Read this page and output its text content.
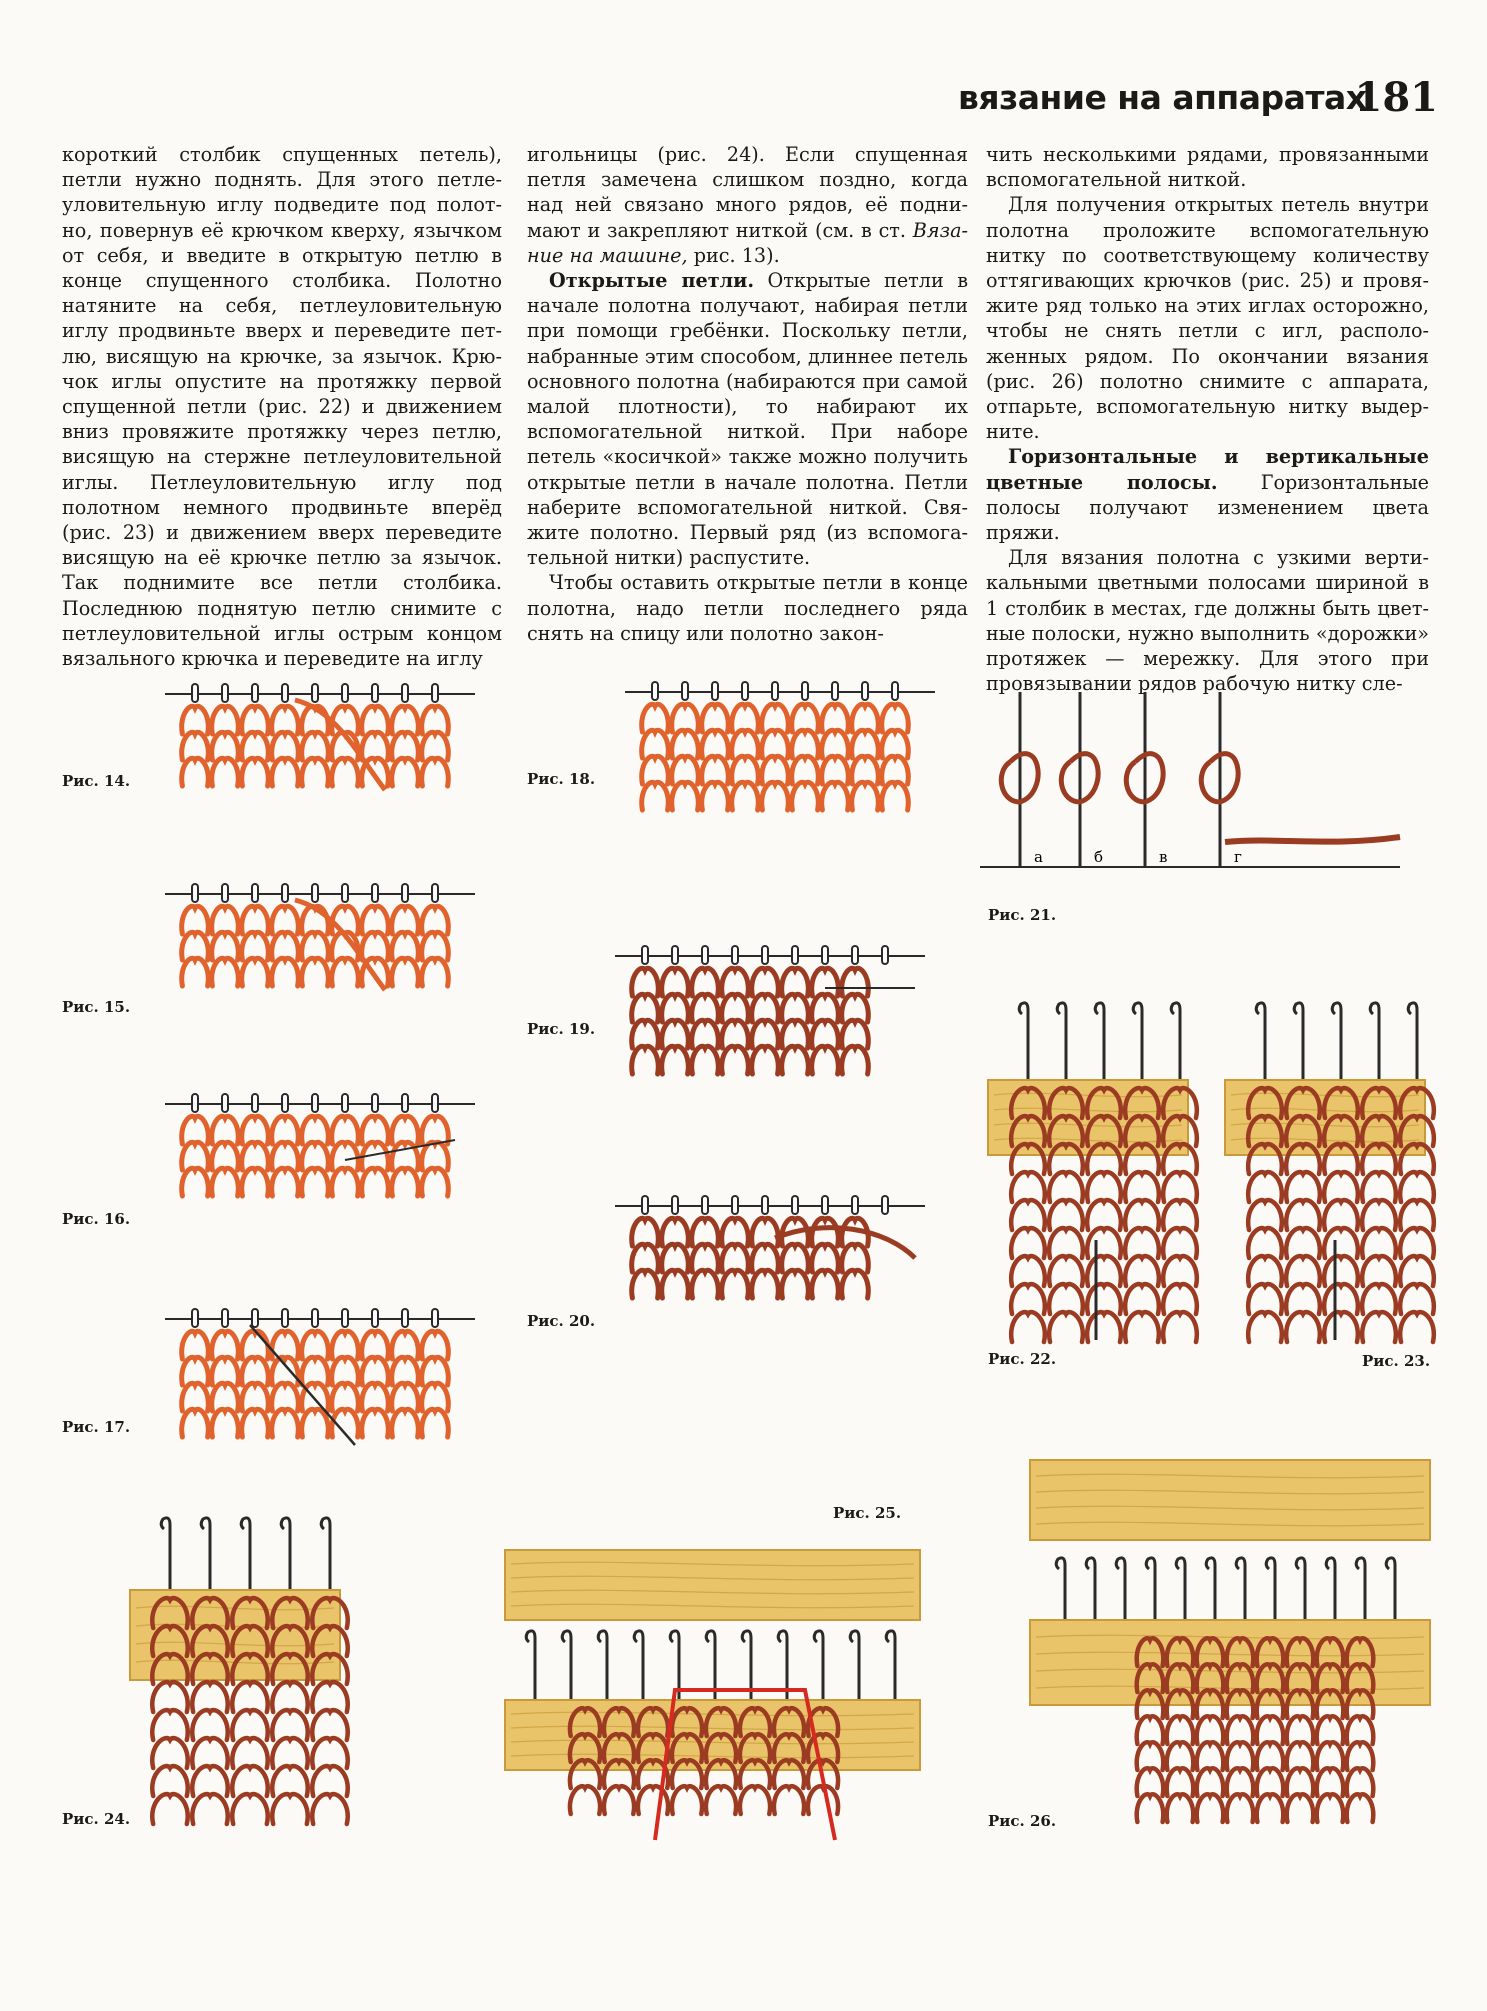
вязание на аппаратах
181

короткий столбик спущенных петель), петли нужно поднять. Для этого петлеуловительную иглу подведите под полотно, повернув её крючком кверху, язычком от себя, и введите в открытую петлю в конце спущенного столбика. Полотно натяните на себя, петлеуловительную иглу продвиньте вверх и переведите петлю, висящую на крючке, за язычок. Крючок иглы опустите на протяжку первой спущенной петли (рис. 22) и движением вниз провяжите протяжку через петлю, висящую на стержне петлеуловительной иглы. Петлеуловительную иглу под полотном немного продвиньте вперёд (рис. 23) и движением вверх переведите висящую на её крючке петлю за язычок. Так поднимите все петли столбика. Последнюю поднятую петлю снимите с петлеуловительной иглы острым концом вязального крючка и переведите на иглу

игольницы (рис. 24). Если спущенная петля замечена слишком поздно, когда над ней связано много рядов, её поднимают и закрепляют ниткой (см. в ст. Вязание на машине, рис. 13).

Открытые петли. Открытые петли в начале полотна получают, набирая петли при помощи гребёнки. Поскольку петли, набранные этим способом, длиннее петель основного полотна (набираются при самой малой плотности), то набирают их вспомогательной ниткой. При наборе петель «косичкой» также можно получить открытые петли в начале полотна. Петли наберите вспомогательной ниткой. Свяжите полотно. Первый ряд (из вспомогательной нитки) распустите.

Чтобы оставить открытые петли в конце полотна, надо петли последнего ряда снять на спицу или полотно закон-

чить несколькими рядами, провязанными вспомогательной ниткой.

Для получения открытых петель внутри полотна проложите вспомогательную нитку по соответствующему количеству оттягивающих крючков (рис. 25) и провяжите ряд только на этих иглах осторожно, чтобы не снять петли с игл, расположенных рядом. По окончании вязания (рис. 26) полотно снимите с аппарата, отпарьте, вспомогательную нитку выдерните.

Горизонтальные и вертикальные цветные полосы. Горизонтальные полосы получают изменением цвета пряжи.

Для вязания полотна с узкими вертикальными цветными полосами шириной в 1 столбик в местах, где должны быть цветные полоски, нужно выполнить «дорожки» протяжек — мережку. Для этого при провязывании рядов рабочую нитку сле-

а	б	в	г
Рис. 14.
Рис. 15.
Рис. 16.
Рис. 17.
Рис. 18.
Рис. 19.
Рис. 20.
Рис. 21.
Рис. 22.	Рис. 23.
Рис. 24.
Рис. 25.
Рис. 26.
